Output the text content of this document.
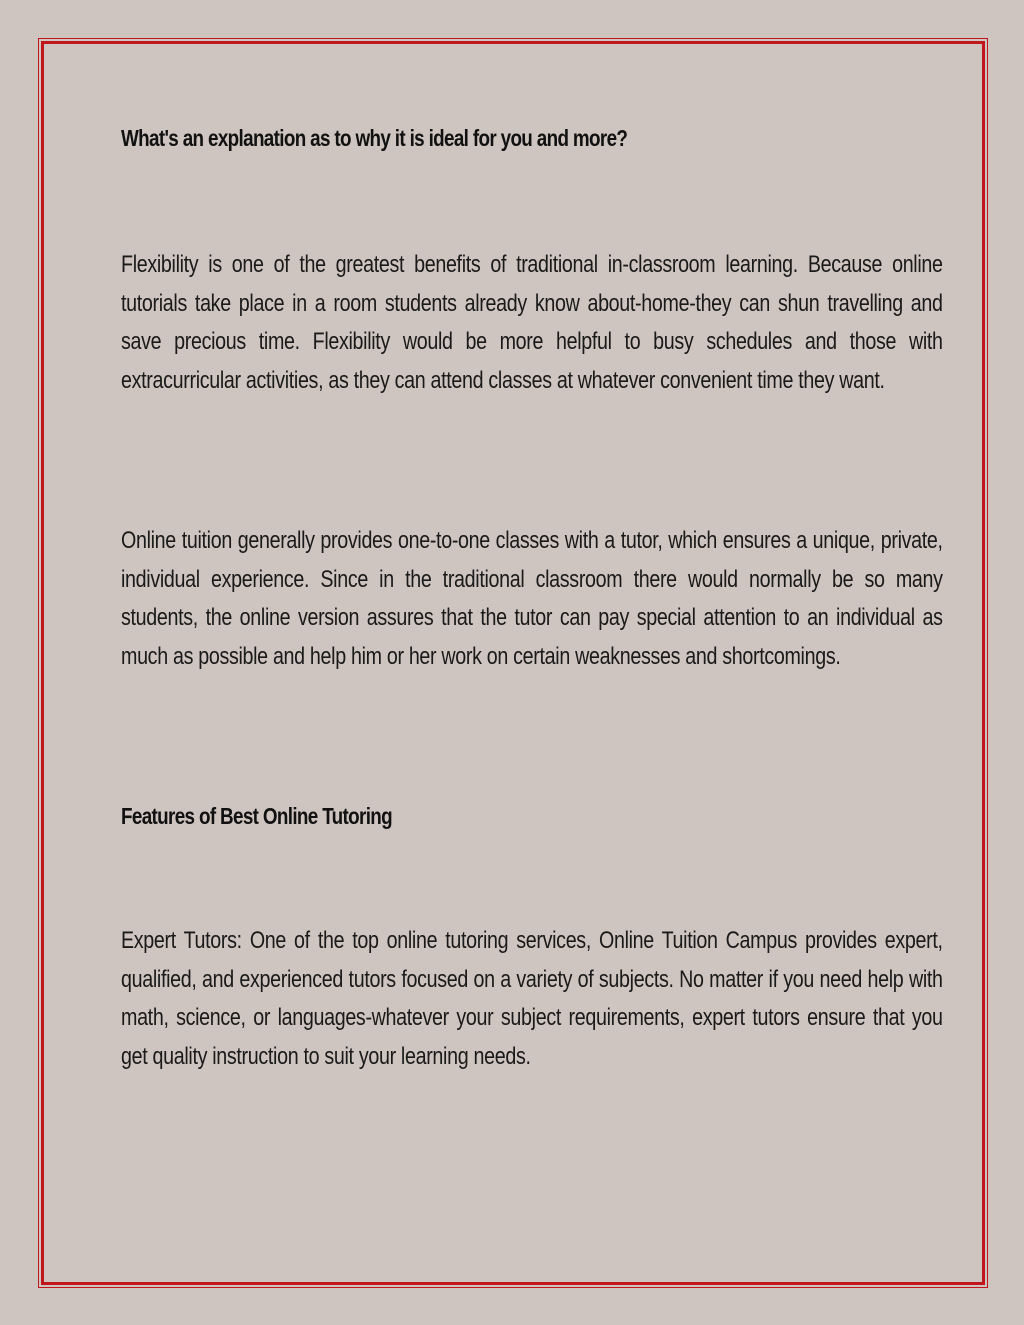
What's an explanation as to why it is ideal for you and more?

Flexibility is one of the greatest benefits of traditional in-classroom learning. Because online tutorials take place in a room students already know about-home-they can shun travelling and save precious time. Flexibility would be more helpful to busy schedules and those with extracurricular activities, as they can attend classes at whatever convenient time they want.

Online tuition generally provides one-to-one classes with a tutor, which ensures a unique, private, individual experience. Since in the traditional classroom there would normally be so many students, the online version assures that the tutor can pay special attention to an individual as much as possible and help him or her work on certain weaknesses and shortcomings.

Features of Best Online Tutoring

Expert Tutors: One of the top online tutoring services, Online Tuition Campus provides expert, qualified, and experienced tutors focused on a variety of subjects. No matter if you need help with math, science, or languages-whatever your subject requirements, expert tutors ensure that you get quality instruction to suit your learning needs.
